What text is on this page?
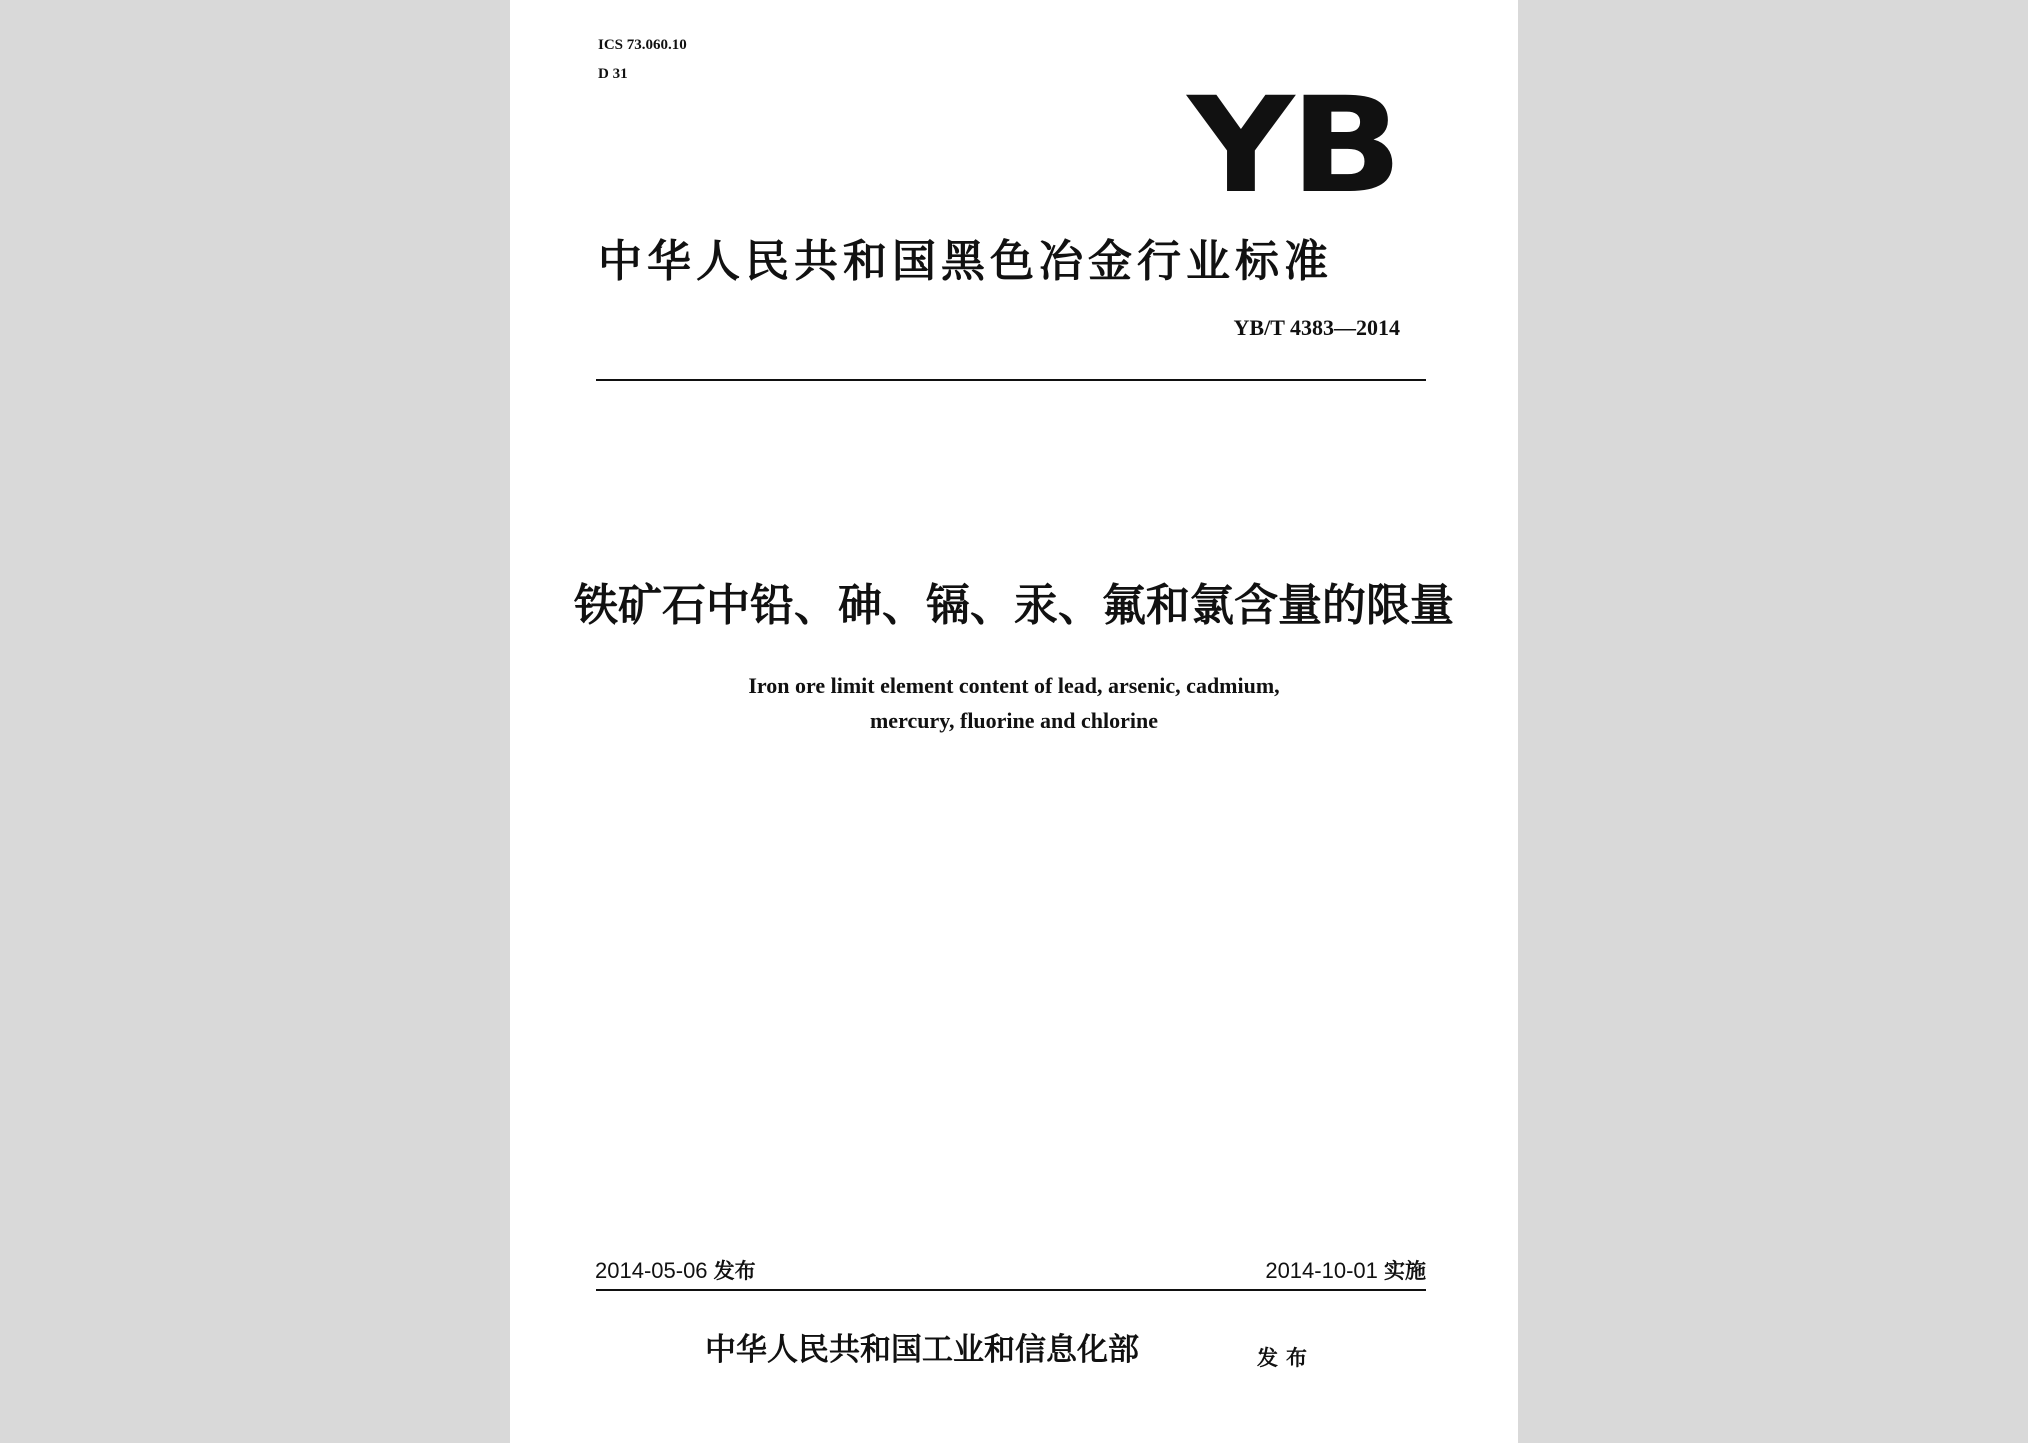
ICS 73.060.10
D 31	YB
中华人民共和国黑色冶金行业标准
YB/T 4383—2014
铁矿石中铅、砷、镉、汞、氟和氯含量的限量
Iron ore limit element content of lead, arsenic, cadmium,
mercury, fluorine and chlorine
2014-05-06 发布	2014-10-01 实施
中华人民共和国工业和信息化部	发布
